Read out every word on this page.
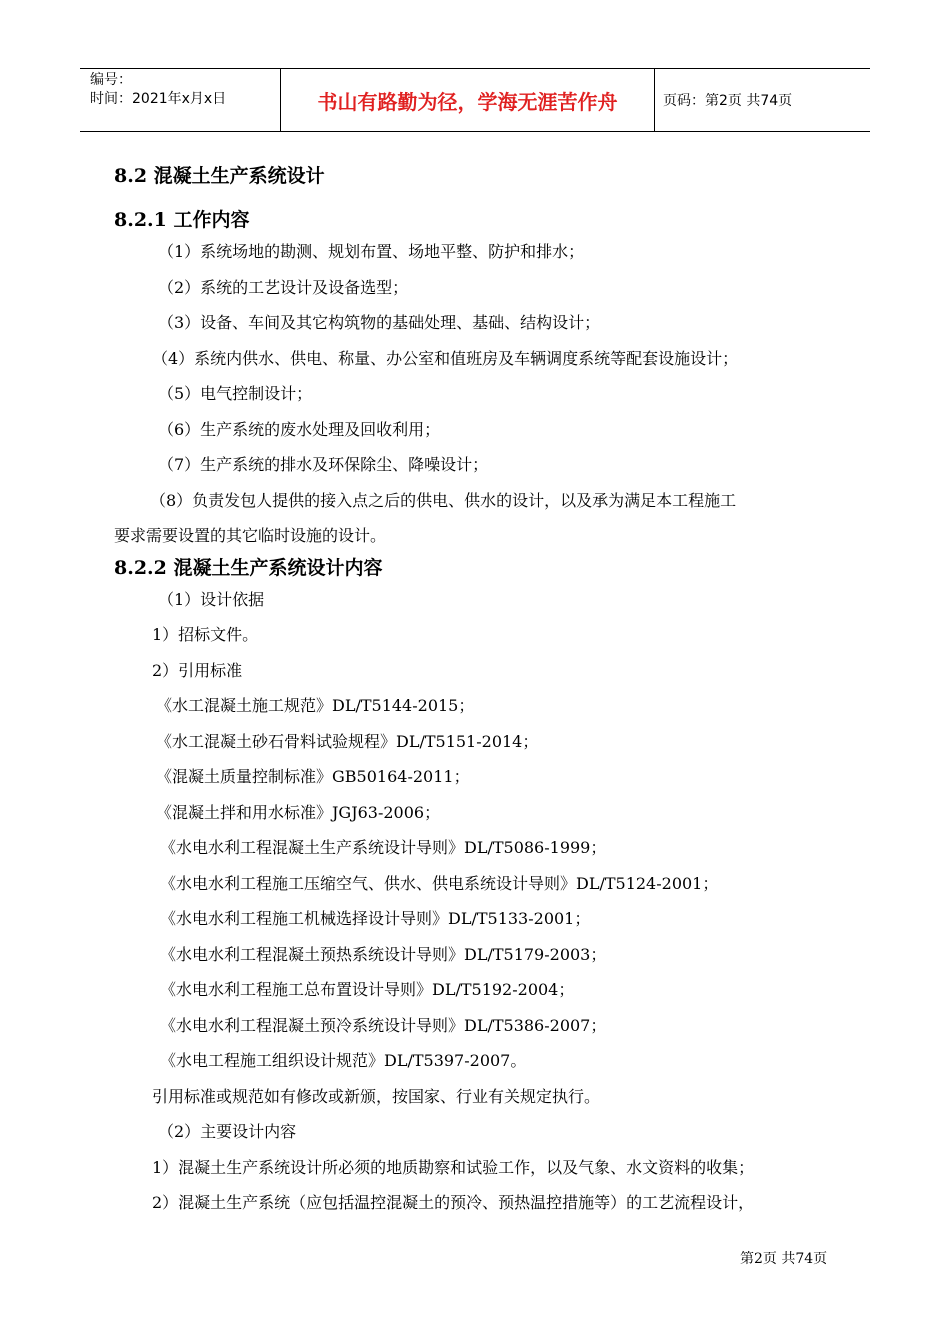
编号：
时间：2021年x月x日	书山有路勤为径，学海无涯苦作舟	页码：第2页 共74页

8.2 混凝土生产系统设计

8.2.1 工作内容

（1）系统场地的勘测、规划布置、场地平整、防护和排水；

（2）系统的工艺设计及设备选型；

（3）设备、车间及其它构筑物的基础处理、基础、结构设计；

（4）系统内供水、供电、称量、办公室和值班房及车辆调度系统等配套设施设计；

（5）电气控制设计；

（6）生产系统的废水处理及回收利用；

（7）生产系统的排水及环保除尘、降噪设计；

（8）负责发包人提供的接入点之后的供电、供水的设计，以及承为满足本工程施工

要求需要设置的其它临时设施的设计。

8.2.2 混凝土生产系统设计内容

（1）设计依据

1）招标文件。

2）引用标准

《水工混凝土施工规范》DL/T5144-2015；

《水工混凝土砂石骨料试验规程》DL/T5151-2014；

《混凝土质量控制标准》GB50164-2011；

《混凝土拌和用水标准》JGJ63-2006；

《水电水利工程混凝土生产系统设计导则》DL/T5086-1999；

《水电水利工程施工压缩空气、供水、供电系统设计导则》DL/T5124-2001；

《水电水利工程施工机械选择设计导则》DL/T5133-2001；

《水电水利工程混凝土预热系统设计导则》DL/T5179-2003；

《水电水利工程施工总布置设计导则》DL/T5192-2004；

《水电水利工程混凝土预冷系统设计导则》DL/T5386-2007；

《水电工程施工组织设计规范》DL/T5397-2007。

引用标准或规范如有修改或新颁，按国家、行业有关规定执行。

（2）主要设计内容

1）混凝土生产系统设计所必须的地质勘察和试验工作，以及气象、水文资料的收集；

2）混凝土生产系统（应包括温控混凝土的预冷、预热温控措施等）的工艺流程设计，

第2页 共74页
